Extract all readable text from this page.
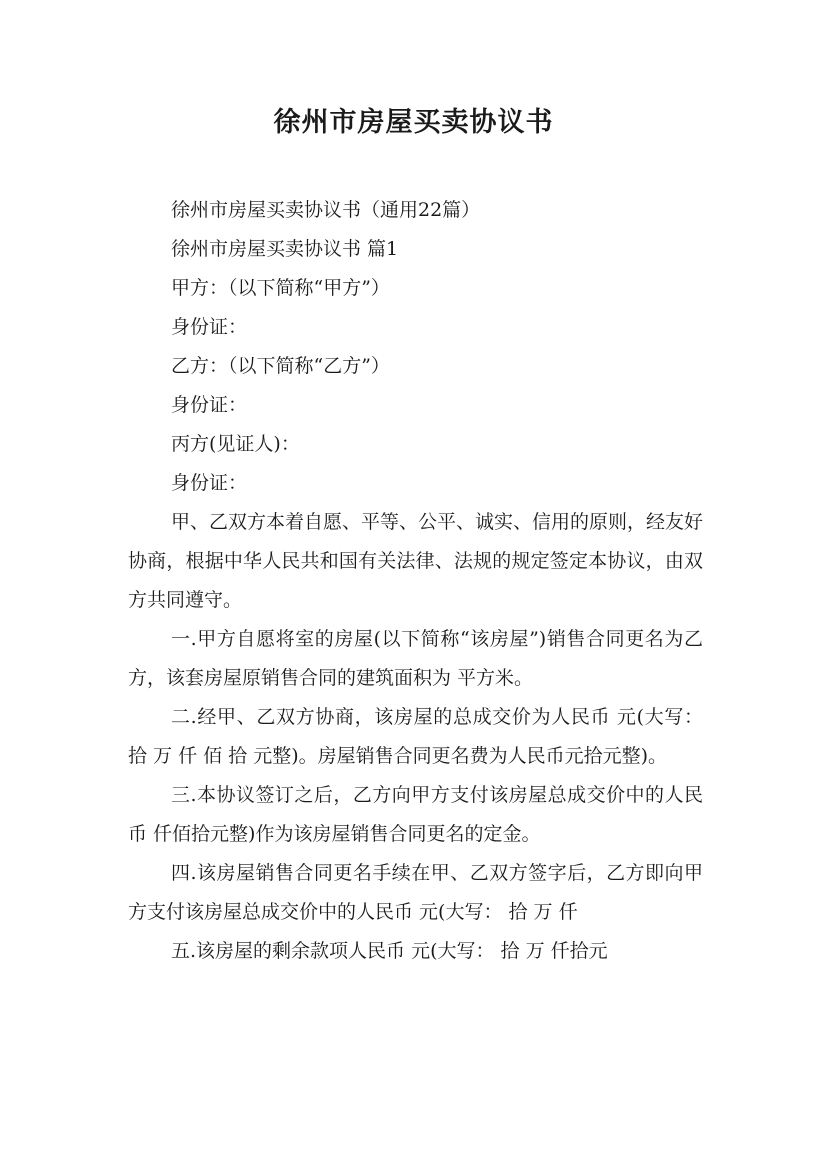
徐州市房屋买卖协议书
徐州市房屋买卖协议书（通用22篇）
徐州市房屋买卖协议书 篇1
甲方：（以下简称“甲方”）
身份证：
乙方：（以下简称“乙方”）
身份证：
丙方(见证人)：
身份证：

甲、乙双方本着自愿、平等、公平、诚实、信用的原则，经友好协商，根据中华人民共和国有关法律、法规的规定签定本协议，由双方共同遵守。

一.甲方自愿将室的房屋(以下简称“该房屋”)销售合同更名为乙方，该套房屋原销售合同的建筑面积为 平方米。

二.经甲、乙双方协商，该房屋的总成交价为人民币 元(大写： 拾 万 仟 佰 拾 元整)。房屋销售合同更名费为人民币元拾元整)。

三.本协议签订之后，乙方向甲方支付该房屋总成交价中的人民币 仟佰拾元整)作为该房屋销售合同更名的定金。

四.该房屋销售合同更名手续在甲、乙双方签字后，乙方即向甲方支付该房屋总成交价中的人民币 元(大写： 拾 万 仟

五.该房屋的剩余款项人民币 元(大写： 拾 万 仟拾元
